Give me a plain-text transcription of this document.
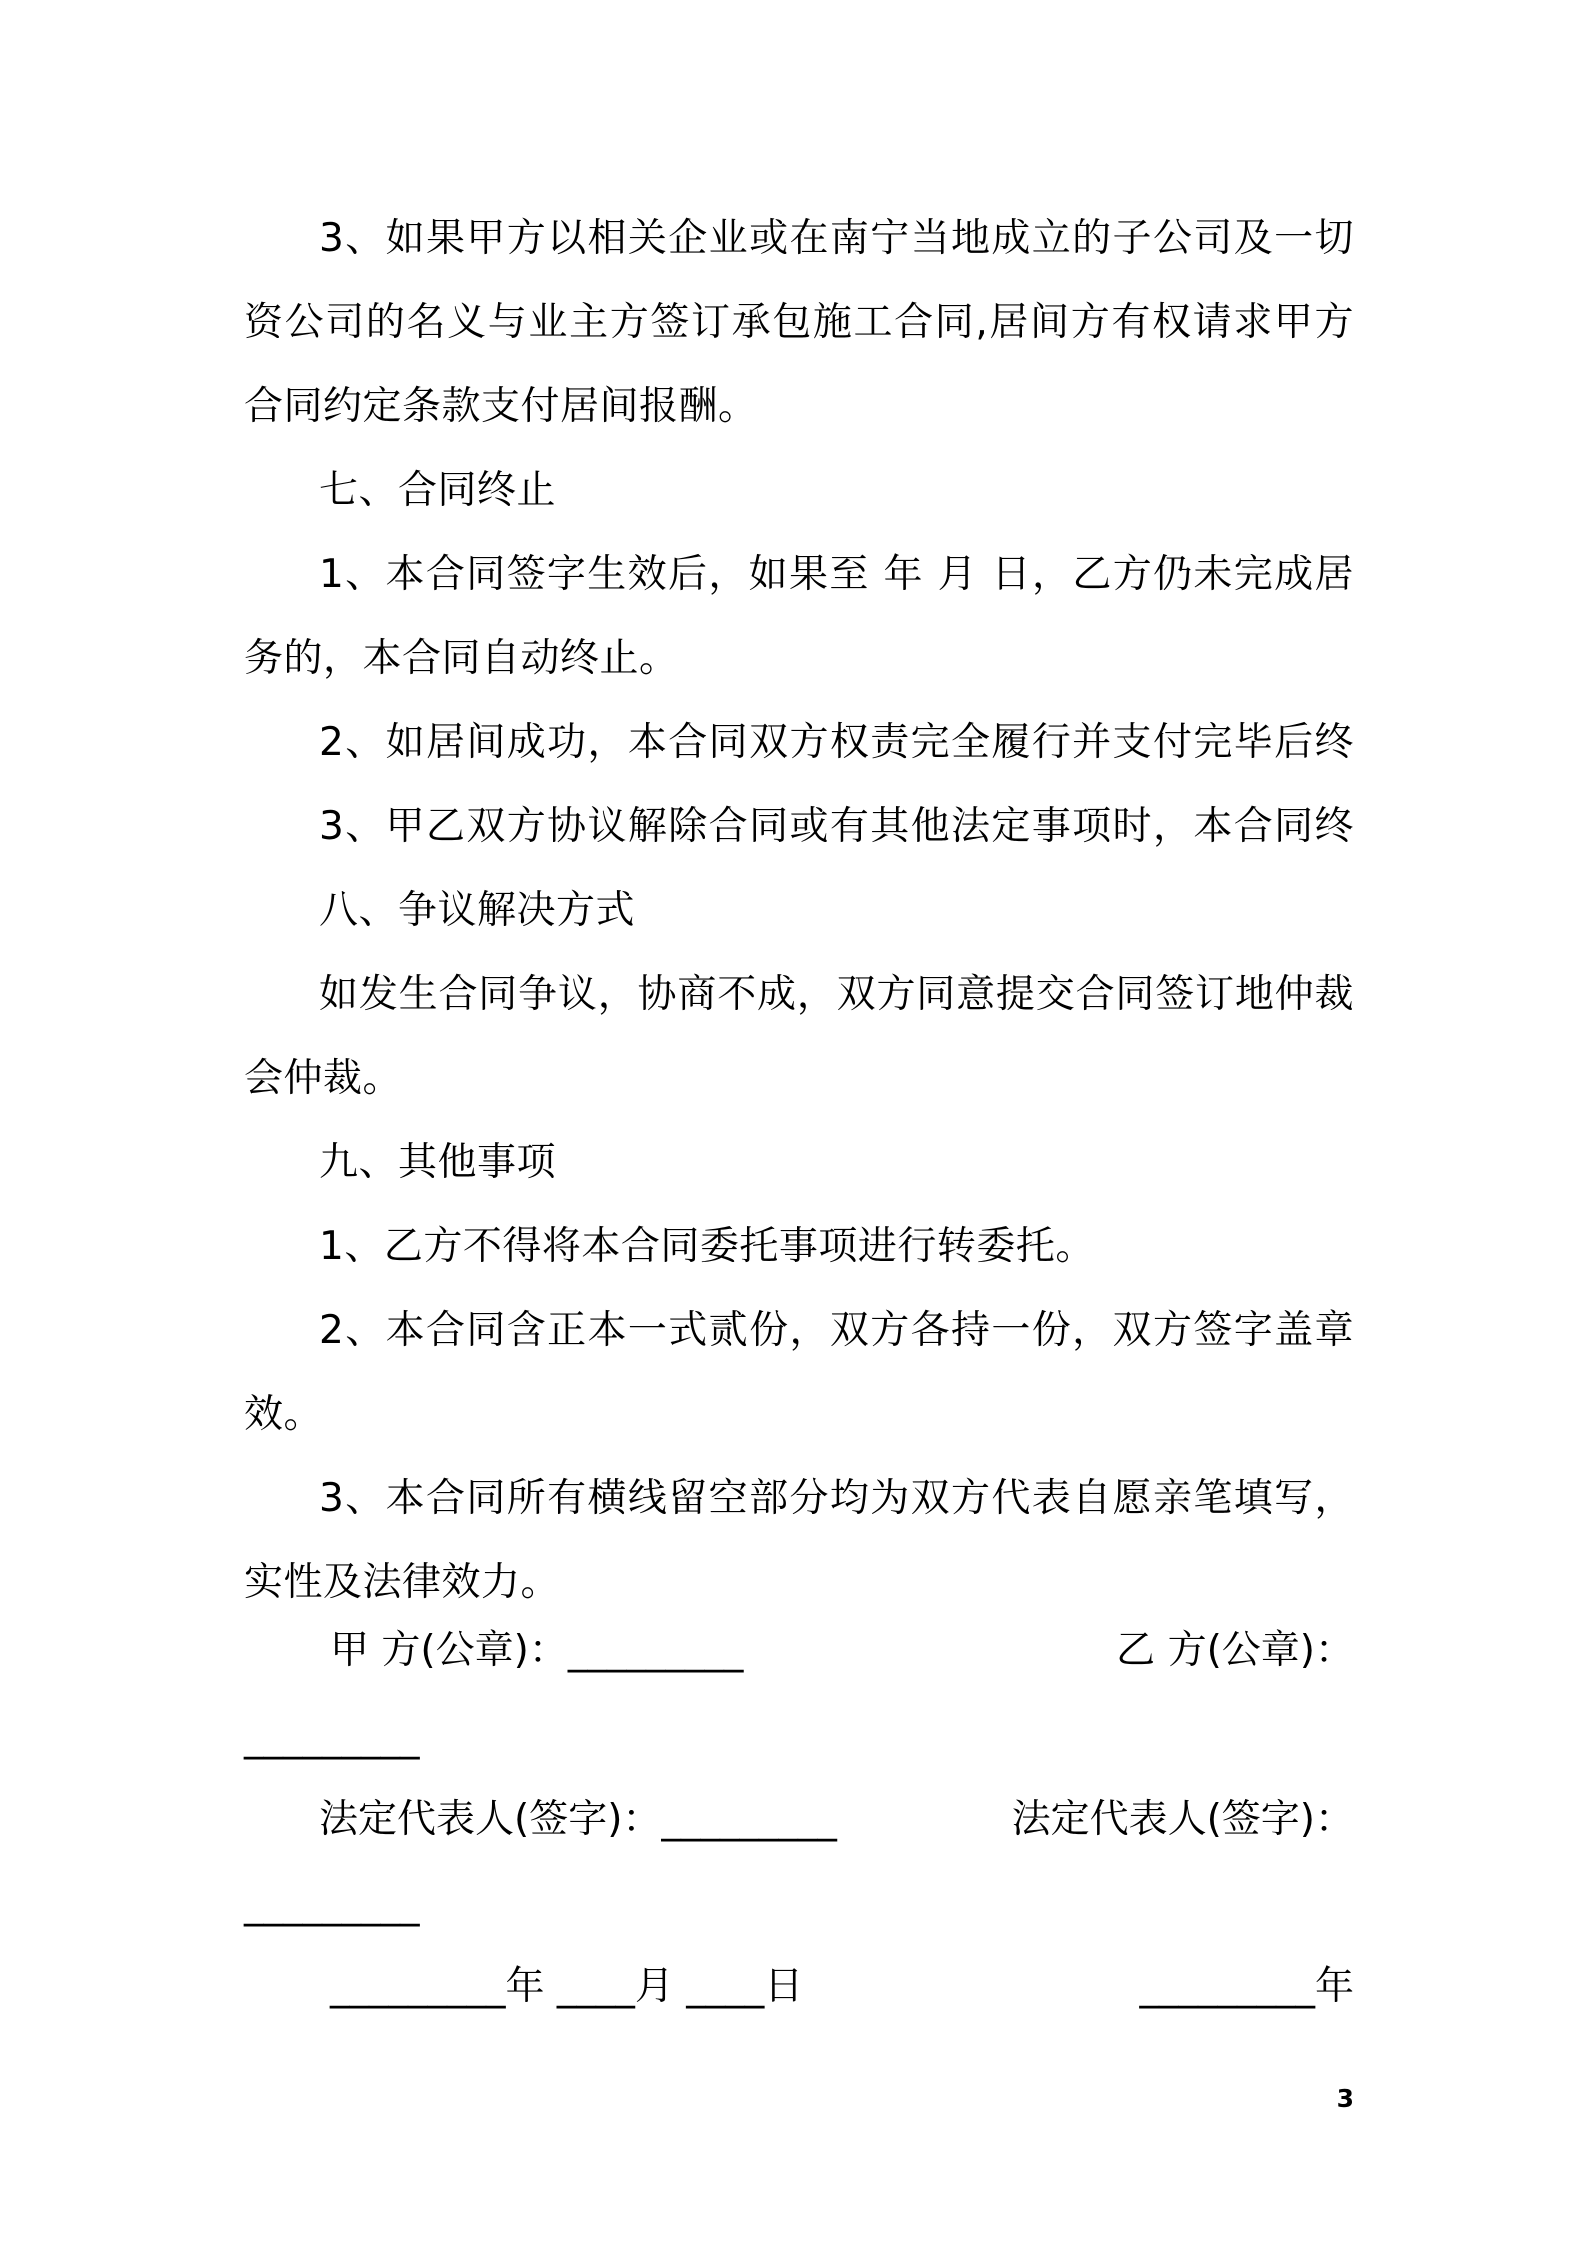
3、如果甲方以相关企业或在南宁当地成立的子公司及一切
资公司的名义与业主方签订承包施工合同,居间方有权请求甲方
合同约定条款支付居间报酬。
七、合同终止
1、本合同签字生效后，如果至 年 月 日，乙方仍未完成居
务的，本合同自动终止。
2、如居间成功，本合同双方权责完全履行并支付完毕后终
3、甲乙双方协议解除合同或有其他法定事项时，本合同终
八、争议解决方式
如发生合同争议，协商不成，双方同意提交合同签订地仲裁
会仲裁。
九、其他事项
1、乙方不得将本合同委托事项进行转委托。
2、本合同含正本一式贰份，双方各持一份，双方签字盖章
效。
3、本合同所有横线留空部分均为双方代表自愿亲笔填写，
实性及法律效力。
甲 方(公章)：_________	乙 方(公章)：
_________
法定代表人(签字)：_________	法定代表人(签字)：
_________
_________年 ____月 ____日	_________年
3
